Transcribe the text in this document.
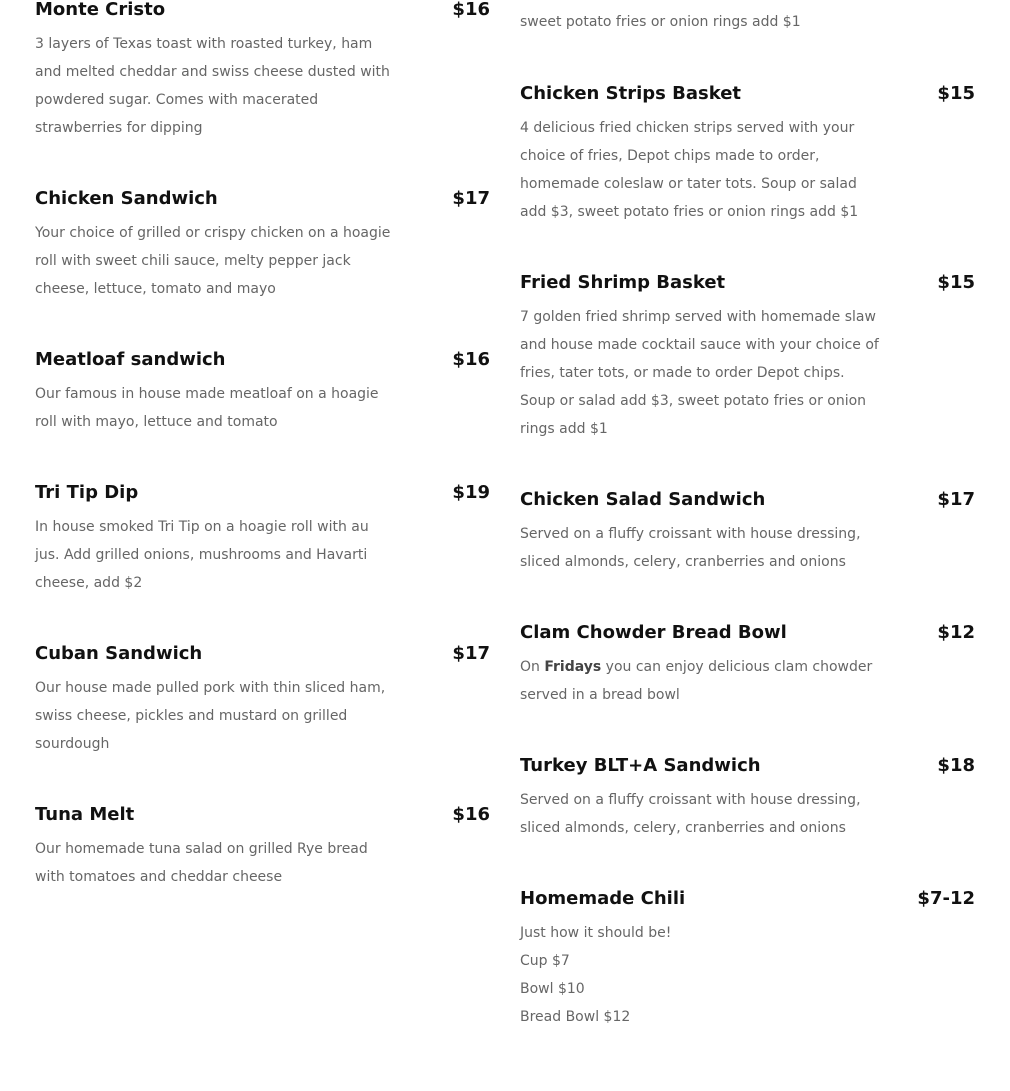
Monte Cristo	$16
3 layers of Texas toast with roasted turkey, ham and melted cheddar and swiss cheese dusted with powdered sugar. Comes with macerated strawberries for dipping
Chicken Sandwich	$17
Your choice of grilled or crispy chicken on a hoagie roll with sweet chili sauce, melty pepper jack cheese, lettuce, tomato and mayo
Meatloaf sandwich	$16
Our famous in house made meatloaf on a hoagie roll with mayo, lettuce and tomato
Tri Tip Dip	$19
In house smoked Tri Tip on a hoagie roll with au jus. Add grilled onions, mushrooms and Havarti cheese, add $2
Cuban Sandwich	$17
Our house made pulled pork with thin sliced ham, swiss cheese, pickles and mustard on grilled sourdough
Tuna Melt	$16
Our homemade tuna salad on grilled Rye bread with tomatoes and cheddar cheese
sweet potato fries or onion rings add $1
Chicken Strips Basket	$15
4 delicious fried chicken strips served with your choice of fries, Depot chips made to order, homemade coleslaw or tater tots. Soup or salad add $3, sweet potato fries or onion rings add $1
Fried Shrimp Basket	$15
7 golden fried shrimp served with homemade slaw and house made cocktail sauce with your choice of fries, tater tots, or made to order Depot chips. Soup or salad add $3, sweet potato fries or onion rings add $1
Chicken Salad Sandwich	$17
Served on a fluffy croissant with house dressing, sliced almonds, celery, cranberries and onions
Clam Chowder Bread Bowl	$12
On Fridays you can enjoy delicious clam chowder served in a bread bowl
Turkey BLT+A Sandwich	$18
Served on a fluffy croissant with house dressing, sliced almonds, celery, cranberries and onions
Homemade Chili	$7-12
Just how it should be!
Cup $7
Bowl $10
Bread Bowl $12
